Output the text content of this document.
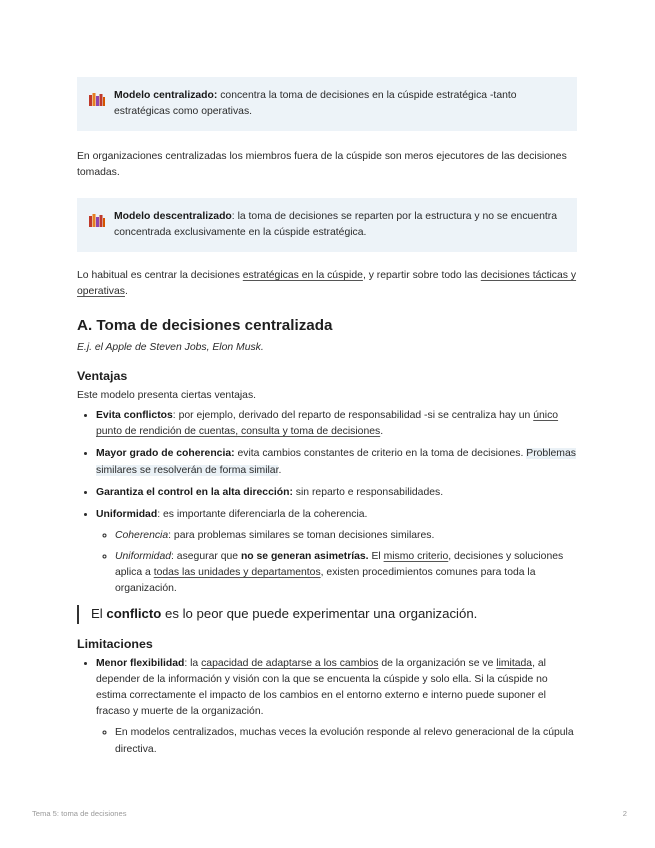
Modelo centralizado: concentra la toma de decisiones en la cúspide estratégica -tanto estratégicas como operativas.

En organizaciones centralizadas los miembros fuera de la cúspide son meros ejecutores de las decisiones tomadas.

Modelo descentralizado: la toma de decisiones se reparten por la estructura y no se encuentra concentrada exclusivamente en la cúspide estratégica.

Lo habitual es centrar la decisiones estratégicas en la cúspide, y repartir sobre todo las decisiones tácticas y operativas.

A. Toma de decisiones centralizada

E.j. el Apple de Steven Jobs, Elon Musk.

Ventajas

Este modelo presenta ciertas ventajas.

• Evita conflictos: por ejemplo, derivado del reparto de responsabilidad -si se centraliza hay un único punto de rendición de cuentas, consulta y toma de decisiones.
• Mayor grado de coherencia: evita cambios constantes de criterio en la toma de decisiones. Problemas similares se resolverán de forma similar.
• Garantiza el control en la alta dirección: sin reparto e responsabilidades.
• Uniformidad: es importante diferenciarla de la coherencia.
◦ Coherencia: para problemas similares se toman decisiones similares.
◦ Uniformidad: asegurar que no se generan asimetrías. El mismo criterio, decisiones y soluciones aplica a todas las unidades y departamentos, existen procedimientos comunes para toda la organización.
El conflicto es lo peor que puede experimentar una organización.
Limitaciones
• Menor flexibilidad: la capacidad de adaptarse a los cambios de la organización se ve limitada, al depender de la información y visión con la que se encuenta la cúspide y solo ella. Si la cúspide no estima correctamente el impacto de los cambios en el entorno externo e interno puede suponer el fracaso y muerte de la organización.
◦ En modelos centralizados, muchas veces la evolución responde al relevo generacional de la cúpula directiva.
Tema 5: toma de decisiones	2
